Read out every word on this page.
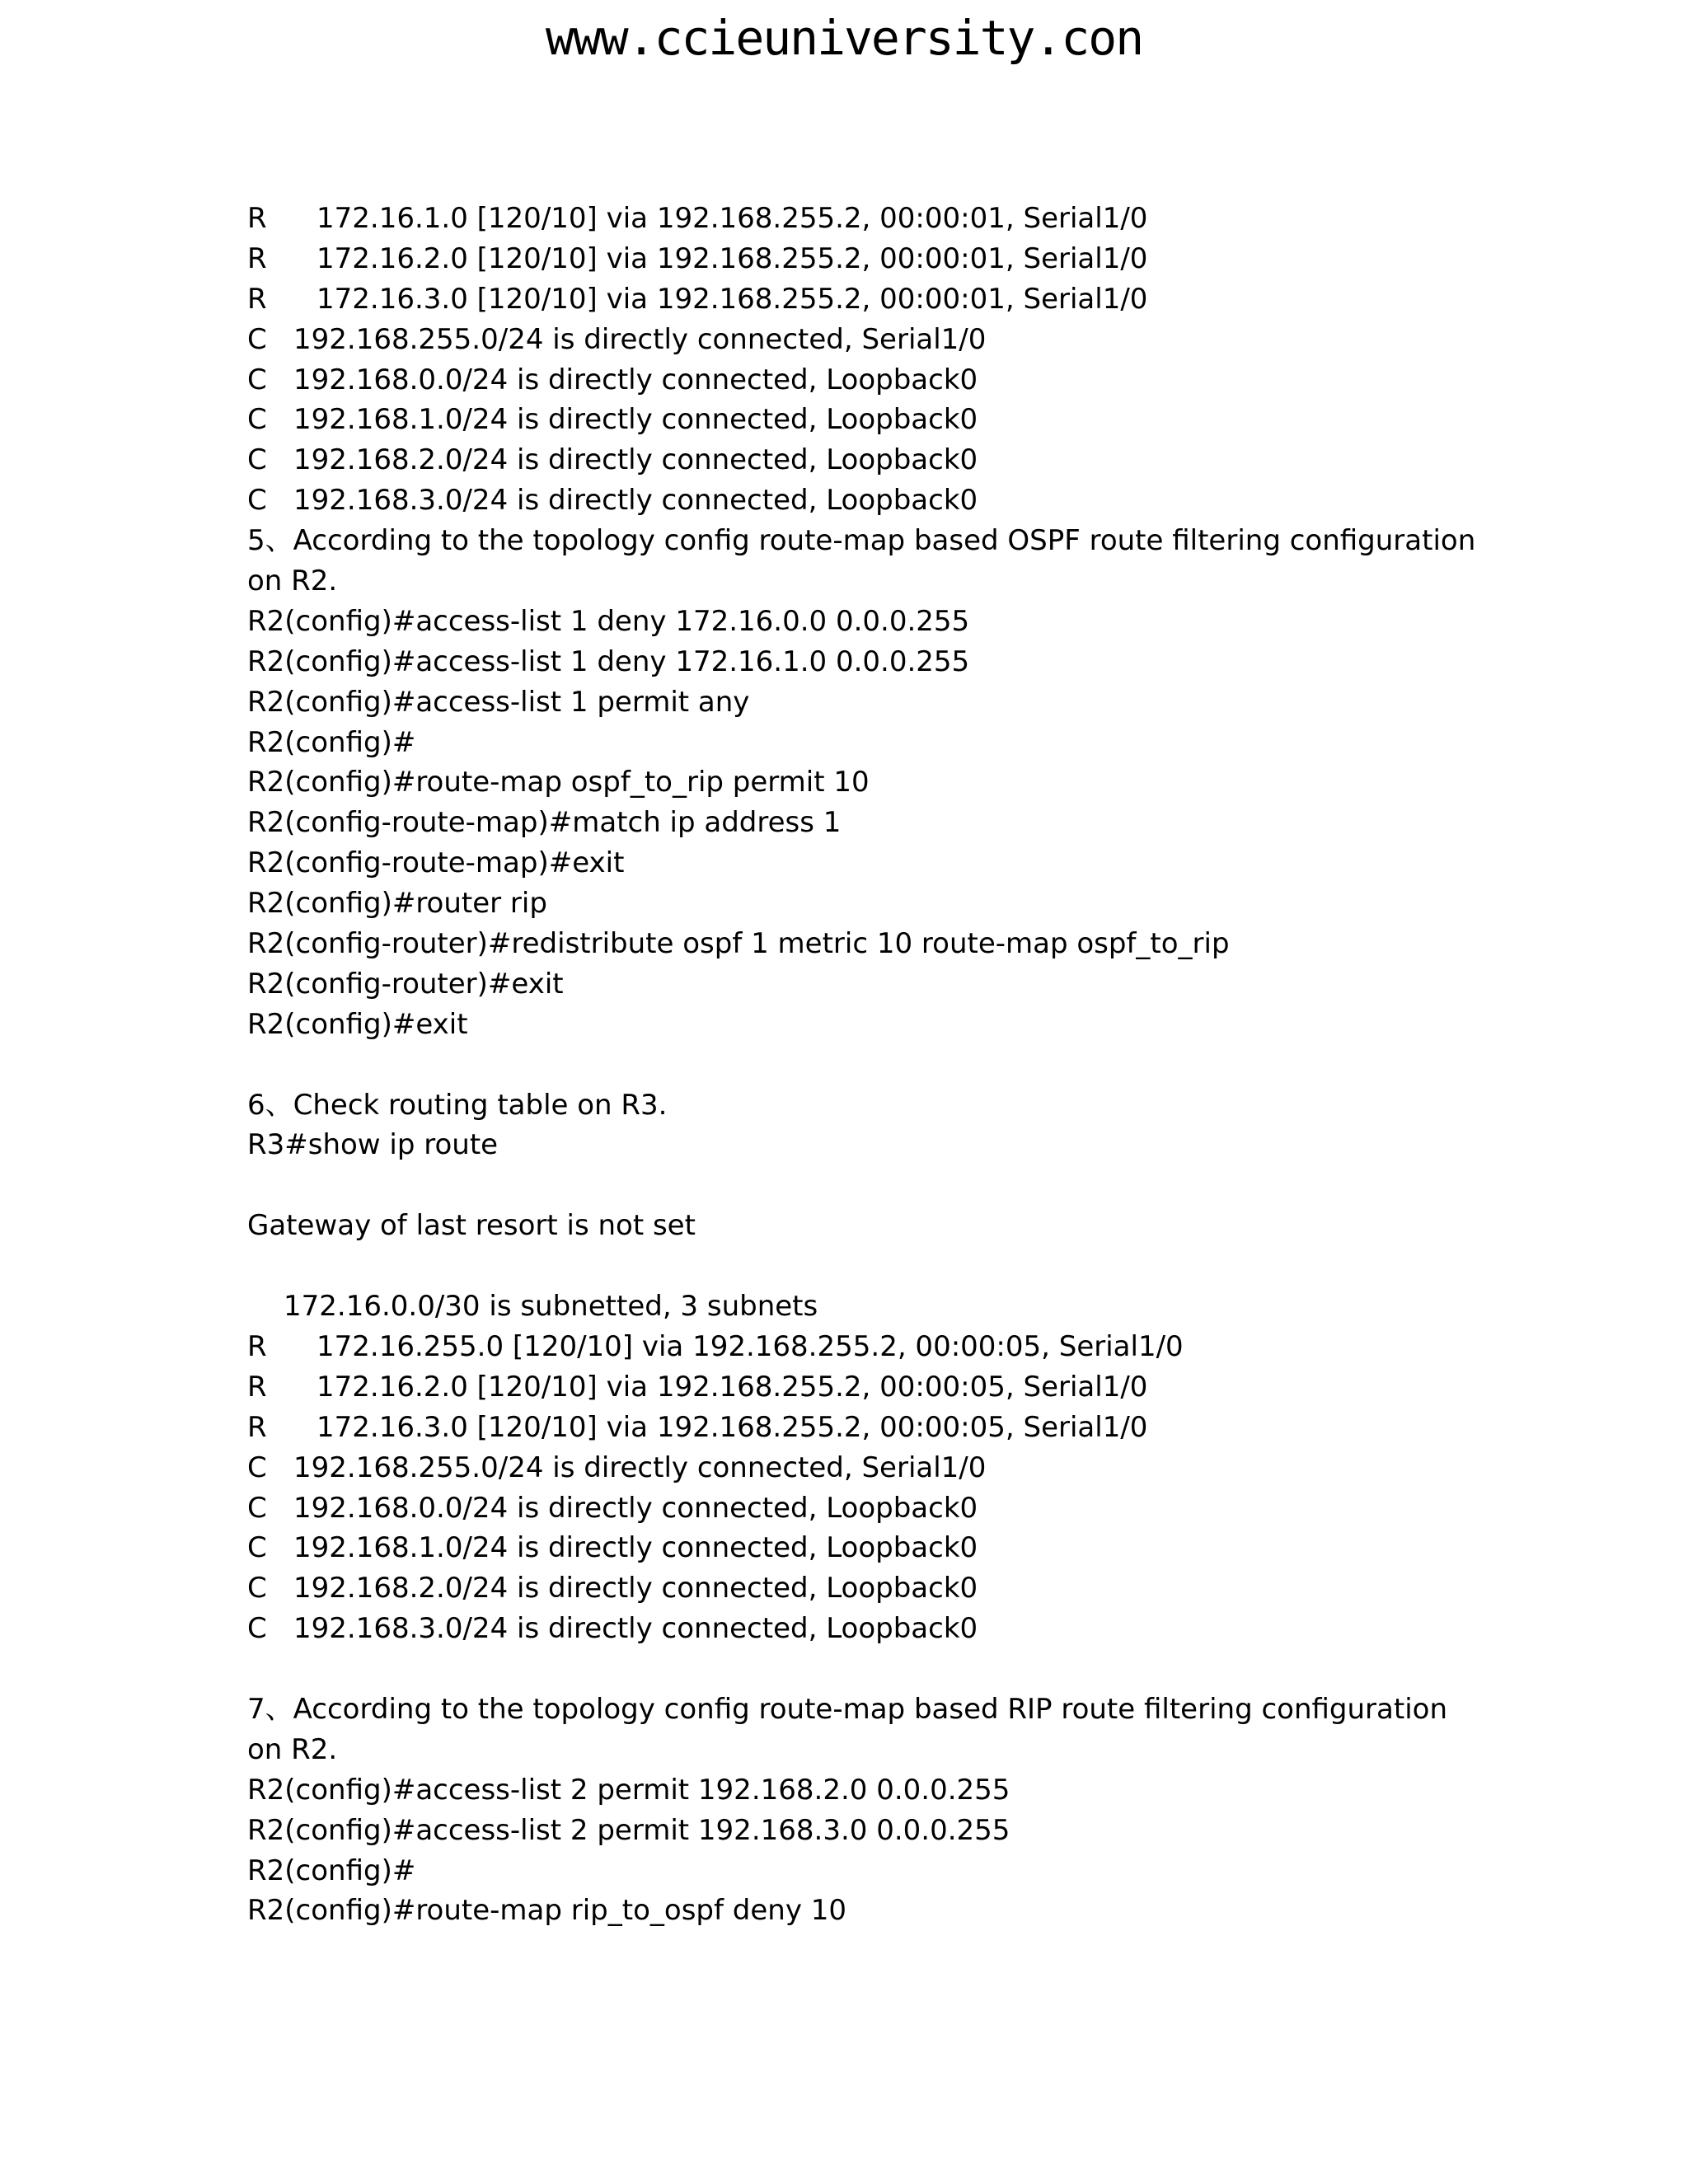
www.ccieuniversity.con
R 172.16.1.0 [120/10] via 192.168.255.2, 00:00:01, Serial1/0
R 172.16.2.0 [120/10] via 192.168.255.2, 00:00:01, Serial1/0
R 172.16.3.0 [120/10] via 192.168.255.2, 00:00:01, Serial1/0
C 192.168.255.0/24 is directly connected, Serial1/0
C 192.168.0.0/24 is directly connected, Loopback0
C 192.168.1.0/24 is directly connected, Loopback0
C 192.168.2.0/24 is directly connected, Loopback0
C 192.168.3.0/24 is directly connected, Loopback0
5、According to the topology config route-map based OSPF route filtering configuration
on R2.
R2(config)#access-list 1 deny 172.16.0.0 0.0.0.255
R2(config)#access-list 1 deny 172.16.1.0 0.0.0.255
R2(config)#access-list 1 permit any
R2(config)#
R2(config)#route-map ospf_to_rip permit 10
R2(config-route-map)#match ip address 1
R2(config-route-map)#exit
R2(config)#router rip
R2(config-router)#redistribute ospf 1 metric 10 route-map ospf_to_rip
R2(config-router)#exit
R2(config)#exit
6、Check routing table on R3.
R3#show ip route
Gateway of last resort is not set
172.16.0.0/30 is subnetted, 3 subnets
R 172.16.255.0 [120/10] via 192.168.255.2, 00:00:05, Serial1/0
R 172.16.2.0 [120/10] via 192.168.255.2, 00:00:05, Serial1/0
R 172.16.3.0 [120/10] via 192.168.255.2, 00:00:05, Serial1/0
C 192.168.255.0/24 is directly connected, Serial1/0
C 192.168.0.0/24 is directly connected, Loopback0
C 192.168.1.0/24 is directly connected, Loopback0
C 192.168.2.0/24 is directly connected, Loopback0
C 192.168.3.0/24 is directly connected, Loopback0
7、According to the topology config route-map based RIP route filtering configuration
on R2.
R2(config)#access-list 2 permit 192.168.2.0 0.0.0.255
R2(config)#access-list 2 permit 192.168.3.0 0.0.0.255
R2(config)#
R2(config)#route-map rip_to_ospf deny 10
